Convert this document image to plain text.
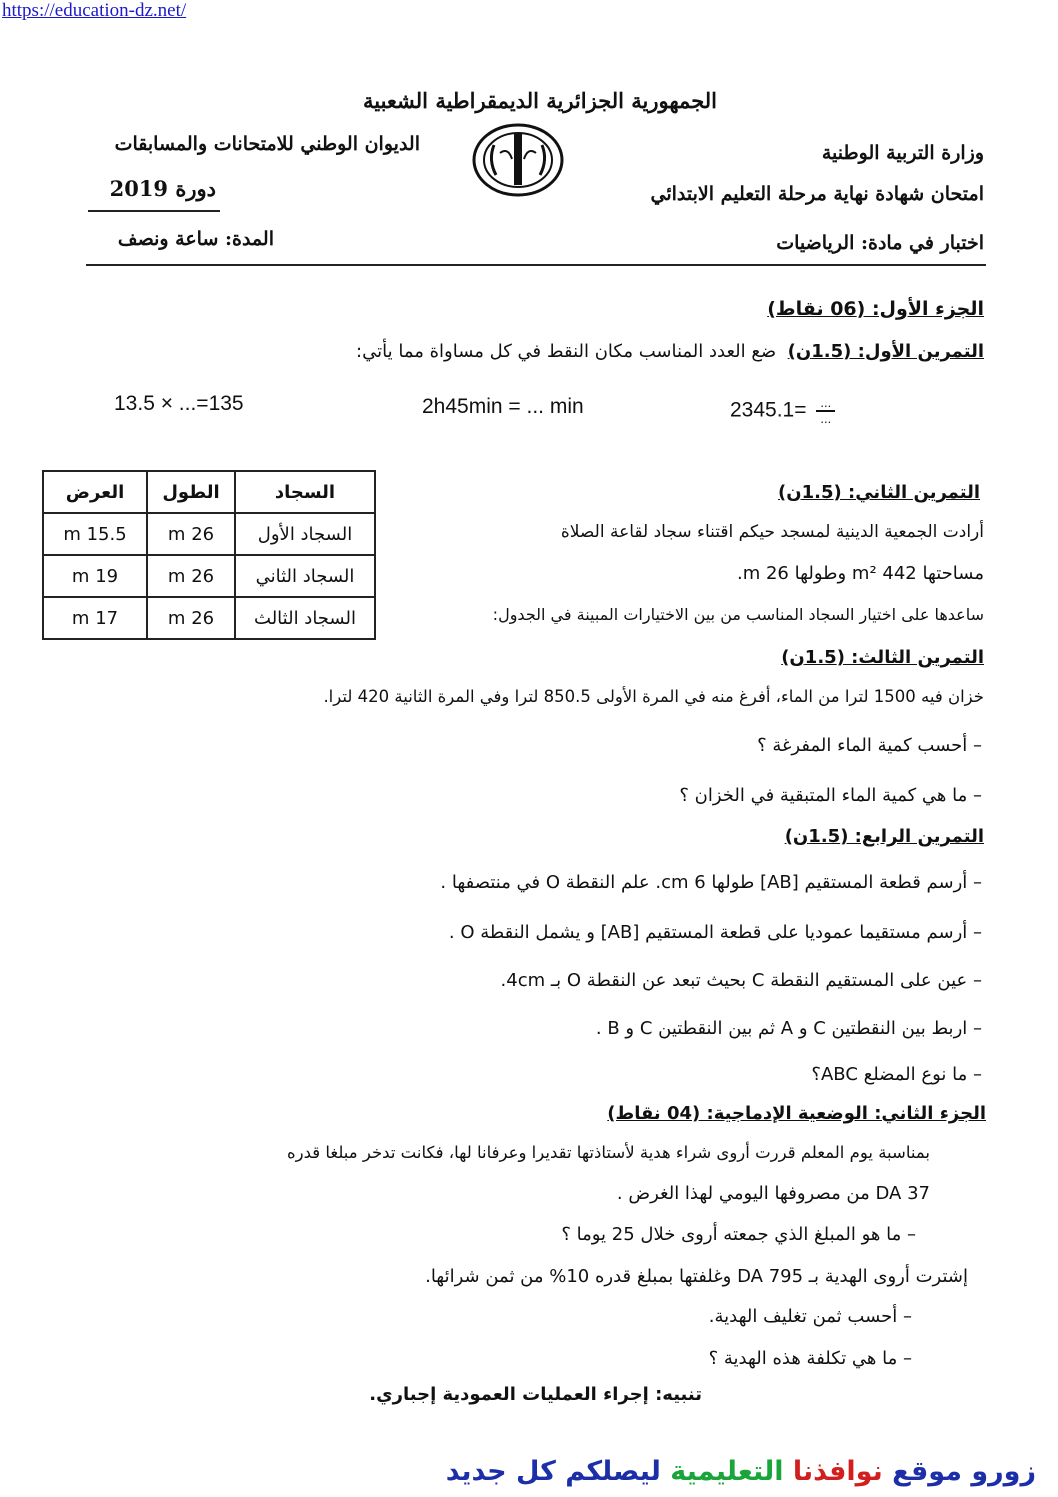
https://education-dz.net/
الجمهورية الجزائرية الديمقراطية الشعبية
وزارة التربية الوطنية
الديوان الوطني للامتحانات والمسابقات
امتحان شهادة نهاية مرحلة التعليم الابتدائي
دورة 2019
اختبار في مادة: الرياضيات
المدة: ساعة ونصف
الجزء الأول: (06 نقاط)
التمرين الأول: (1.5ن)  ضع العدد المناسب مكان النقط في كل مساواة مما يأتي:
13.5 × ...=135	2h45min = ... min	2345.1=	...
...
السجاد	الطول	العرض
السجاد الأول	26 m	15.5 m
السجاد الثاني	26 m	19 m
السجاد الثالث	26 m	17 m
التمرين الثاني: (1.5ن)
أرادت الجمعية الدينية لمسجد حيكم اقتناء سجاد لقاعة الصلاة
مساحتها 442 m² وطولها 26 m.
ساعدها على اختيار السجاد المناسب من بين الاختيارات المبينة في الجدول:
التمرين الثالث: (1.5ن)
خزان فيه 1500 لترا من الماء، أفرغ منه في المرة الأولى 850.5 لترا وفي المرة الثانية 420 لترا.
– أحسب كمية الماء المفرغة ؟
– ما هي كمية الماء المتبقية في الخزان ؟
التمرين الرابع: (1.5ن)
– أرسم قطعة المستقيم [AB] طولها 6 cm. علم النقطة O في منتصفها .
– أرسم مستقيما عموديا على قطعة المستقيم [AB] و يشمل النقطة O .
– عين على المستقيم النقطة C بحيث تبعد عن النقطة O بـ 4cm.
– اربط بين النقطتين C و A ثم بين النقطتين C و B .
– ما نوع المضلع ABC؟
الجزء الثاني: الوضعية الإدماجية: (04 نقاط)
بمناسبة يوم المعلم قررت أروى شراء هدية لأستاذتها تقديرا وعرفانا لها، فكانت تدخر مبلغا قدره
37 DA من مصروفها اليومي لهذا الغرض .
– ما هو المبلغ الذي جمعته أروى خلال 25 يوما ؟
إشترت أروى الهدية بـ 795 DA وغلفتها بمبلغ قدره 10% من ثمن شرائها.
– أحسب ثمن تغليف الهدية.
– ما هي تكلفة هذه الهدية ؟
تنبيه: إجراء العمليات العمودية إجباري.
زورو موقع نوافذنا التعليمية ليصلكم كل جديد
